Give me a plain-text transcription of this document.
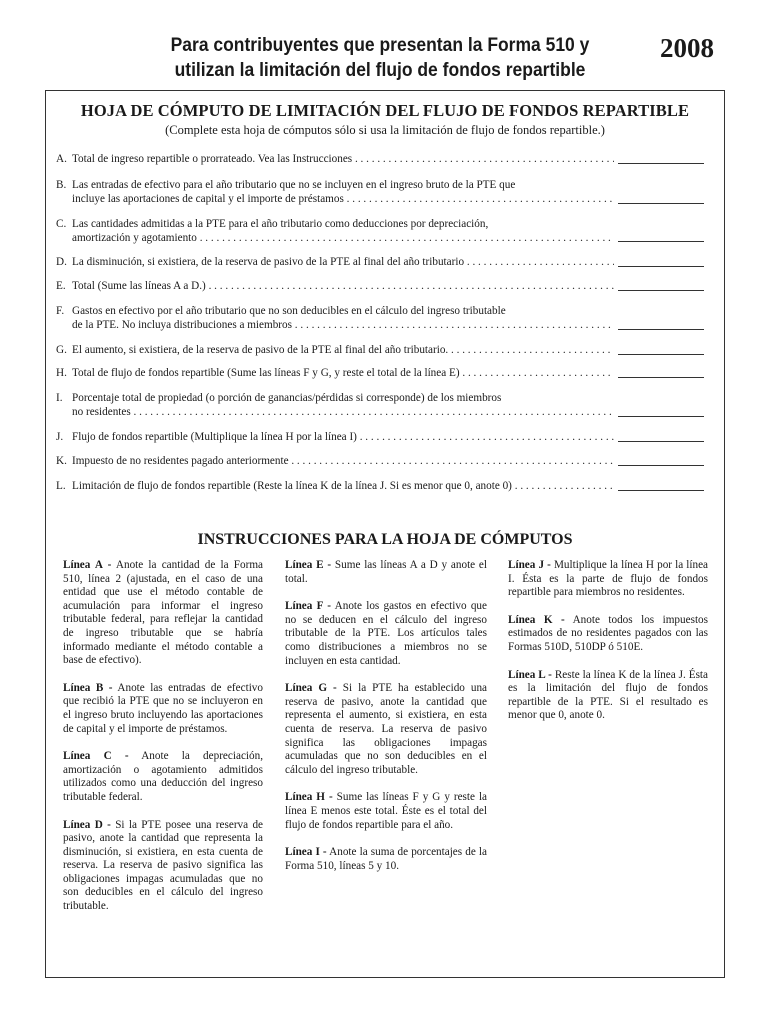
Para contribuyentes que presentan la Forma 510 y
utilizan la limitación del flujo de fondos repartible
2008
HOJA DE CÓMPUTO DE LIMITACIÓN DEL FLUJO DE FONDOS REPARTIBLE
(Complete esta hoja de cómputos sólo si usa la limitación de flujo de fondos repartible.)
A. Total de ingreso repartible o prorrateado. Vea las Instrucciones . . .
B. Las entradas de efectivo para el año tributario que no se incluyen en el ingreso bruto de la PTE que
incluye las aportaciones de capital y el importe de préstamos . . .
C. Las cantidades admitidas a la PTE para el año tributario como deducciones por depreciación,
amortización y agotamiento . . .
D. La disminución, si existiera, de la reserva de pasivo de la PTE al final del año tributario . . .
E. Total (Sume las líneas A a D.) . . .
F. Gastos en efectivo por el año tributario que no son deducibles en el cálculo del ingreso tributable
de la PTE. No incluya distribuciones a miembros . . .
G. El aumento, si existiera, de la reserva de pasivo de la PTE al final del año tributario. . . .
H. Total de flujo de fondos repartible (Sume las líneas F y G, y reste el total de la línea E) . . .
I. Porcentaje total de propiedad (o porción de ganancias/pérdidas si corresponde) de los miembros
no residentes . . .
J. Flujo de fondos repartible (Multiplique la línea H por la línea I) . . .
K. Impuesto de no residentes pagado anteriormente . . .
L. Limitación de flujo de fondos repartible (Reste la línea K de la línea J. Si es menor que 0, anote 0) . . .
INSTRUCCIONES PARA LA HOJA DE CÓMPUTOS

Línea A - Anote la cantidad de la Forma 510, línea 2 (ajustada, en el caso de una entidad que use el método contable de acumulación para informar el ingreso tributable federal, para reflejar la cantidad de ingreso tributable que se habría informado mediante el método contable a base de efectivo).

Línea B - Anote las entradas de efectivo que recibió la PTE que no se incluyeron en el ingreso bruto incluyendo las aportaciones de capital y el importe de préstamos.

Línea C - Anote la depreciación, amortización o agotamiento admitidos utilizados como una deducción del ingreso tributable federal.

Línea D - Si la PTE posee una reserva de pasivo, anote la cantidad que representa la disminución, si existiera, en esta cuenta de reserva. La reserva de pasivo significa las obligaciones impagas acumuladas que no son deducibles en el cálculo del ingreso tributable.

Línea E - Sume las líneas A a D y anote el total.

Línea F - Anote los gastos en efectivo que no se deducen en el cálculo del ingreso tributable de la PTE. Los artículos tales como distribuciones a miembros no se incluyen en esta cantidad.

Línea G - Si la PTE ha establecido una reserva de pasivo, anote la cantidad que representa el aumento, si existiera, en esta cuenta de reserva. La reserva de pasivo significa las obligaciones impagas acumuladas que no son deducibles en el cálculo del ingreso tributable.

Línea H - Sume las líneas F y G y reste la línea E menos este total. Éste es el total del flujo de fondos repartible para el año.

Línea I - Anote la suma de porcentajes de la Forma 510, líneas 5 y 10.

Línea J - Multiplique la línea H por la línea I. Ésta es la parte de flujo de fondos repartible para miembros no residentes.

Línea K - Anote todos los impuestos estimados de no residentes pagados con las Formas 510D, 510DP ó 510E.

Línea L - Reste la línea K de la línea J. Ésta es la limitación del flujo de fondos repartible de la PTE. Si el resultado es menor que 0, anote 0.
